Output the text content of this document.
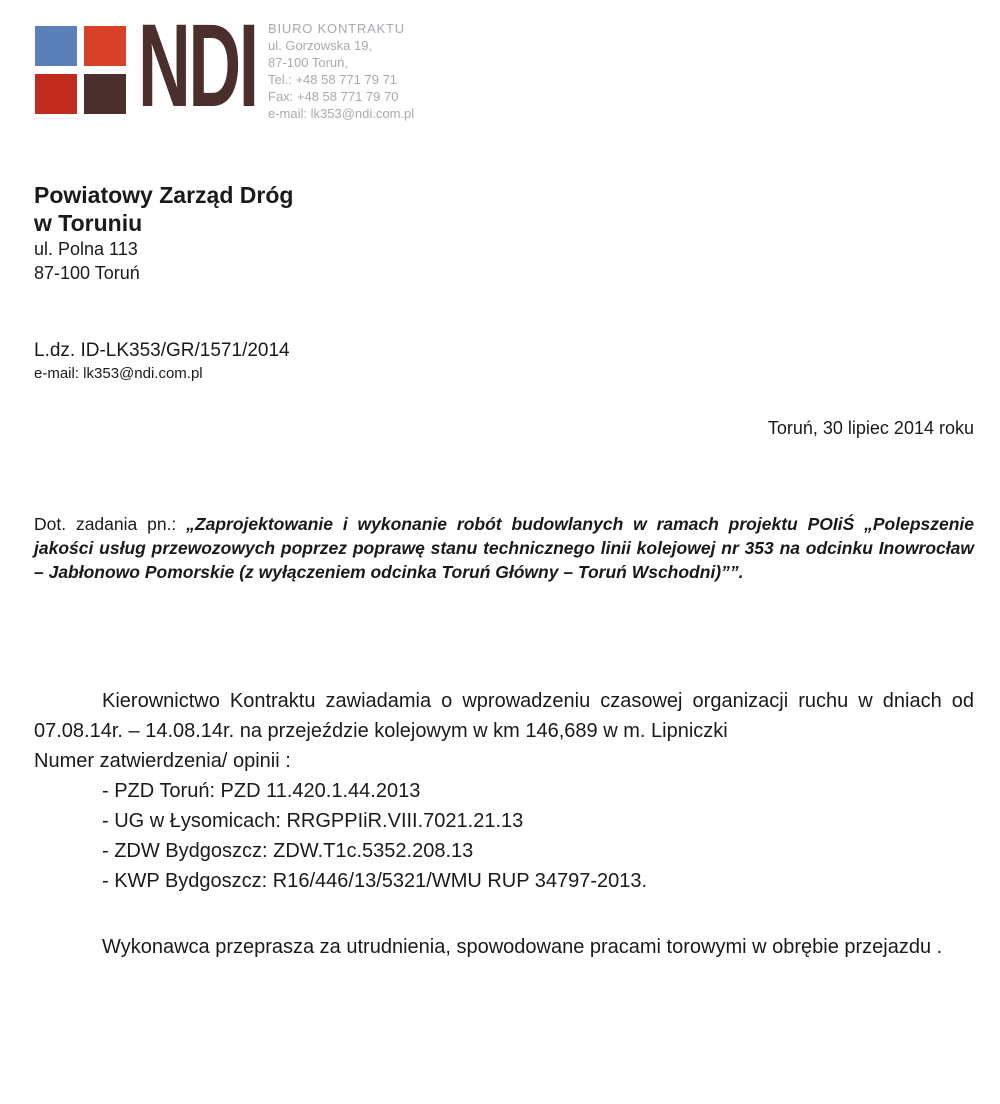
NDI BIURO KONTRAKTU
ul. Gorzowska 19,
87-100 Toruń,
Tel.: +48 58 771 79 71
Fax: +48 58 771 79 70
e-mail: lk353@ndi.com.pl
Powiatowy Zarząd Dróg
w Toruniu
ul. Polna 113
87-100 Toruń
L.dz. ID-LK353/GR/1571/2014
e-mail: lk353@ndi.com.pl
Toruń, 30 lipiec 2014 roku
Dot. zadania pn.: „Zaprojektowanie i wykonanie robót budowlanych w ramach projektu POIiŚ „Polepszenie jakości usług przewozowych poprzez poprawę stanu technicznego linii kolejowej nr 353 na odcinku Inowrocław – Jabłonowo Pomorskie (z wyłączeniem odcinka Toruń Główny – Toruń Wschodni)””.

Kierownictwo Kontraktu zawiadamia o wprowadzeniu czasowej organizacji ruchu w dniach od 07.08.14r. – 14.08.14r. na przejeździe kolejowym w km 146,689 w m. Lipniczki

Numer zatwierdzenia/ opinii :
- PZD Toruń: PZD 11.420.1.44.2013
- UG w Łysomicach: RRGPPIiR.VIII.7021.21.13
- ZDW Bydgoszcz: ZDW.T1c.5352.208.13
- KWP Bydgoszcz: R16/446/13/5321/WMU RUP 34797-2013.

Wykonawca przeprasza za utrudnienia, spowodowane pracami torowymi w obrębie przejazdu .
